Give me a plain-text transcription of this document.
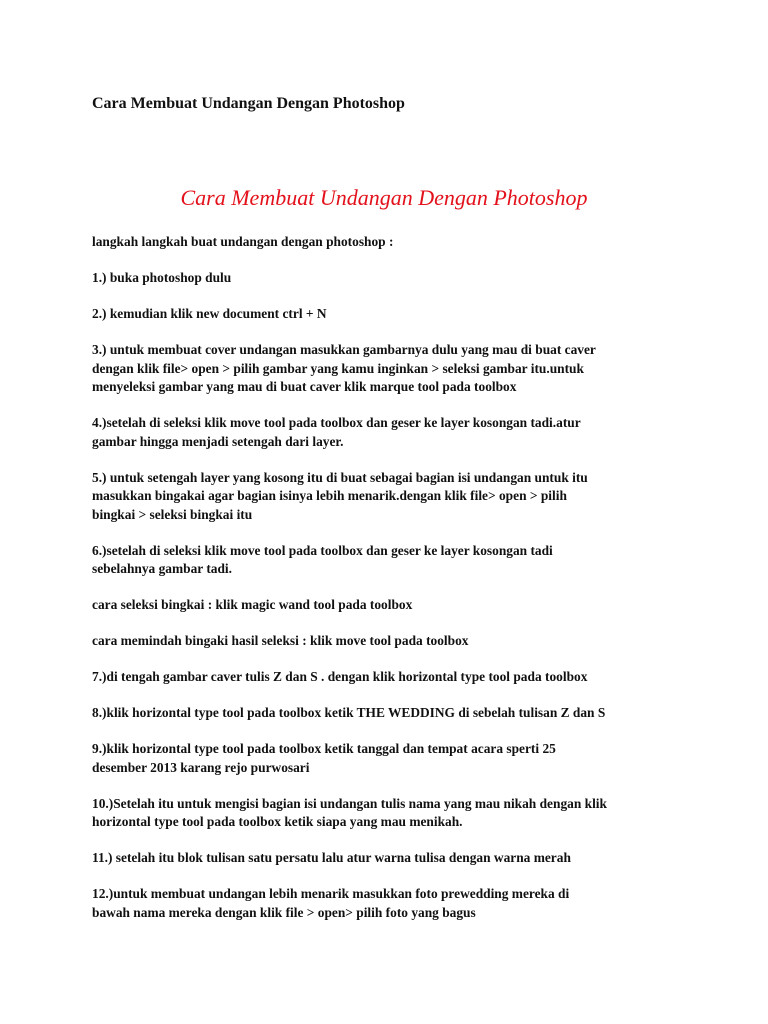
Cara Membuat Undangan Dengan Photoshop

Cara Membuat Undangan Dengan Photoshop

langkah langkah buat undangan dengan photoshop :

1.) buka photoshop dulu

2.) kemudian klik new document ctrl + N

3.) untuk membuat cover undangan masukkan gambarnya dulu yang mau di buat caver
dengan klik file> open > pilih gambar yang kamu inginkan > seleksi gambar itu.untuk
menyeleksi gambar yang mau di buat caver klik marque tool pada toolbox

4.)setelah di seleksi klik move tool pada toolbox dan geser ke layer kosongan tadi.atur
gambar hingga menjadi setengah dari layer.

5.) untuk setengah layer yang kosong itu di buat sebagai bagian isi undangan untuk itu
masukkan bingakai agar bagian isinya lebih menarik.dengan klik file> open > pilih
bingkai > seleksi bingkai itu

6.)setelah di seleksi klik move tool pada toolbox dan geser ke layer kosongan tadi
sebelahnya gambar tadi.

cara seleksi bingkai : klik magic wand tool pada toolbox

cara memindah bingaki hasil seleksi : klik move tool pada toolbox

7.)di tengah gambar caver tulis Z dan S . dengan klik horizontal type tool pada toolbox

8.)klik horizontal type tool pada toolbox ketik THE WEDDING di sebelah tulisan Z dan S

9.)klik horizontal type tool pada toolbox ketik tanggal dan tempat acara sperti 25
desember 2013 karang rejo purwosari

10.)Setelah itu untuk mengisi bagian isi undangan tulis nama yang mau nikah dengan klik
horizontal type tool pada toolbox ketik siapa yang mau menikah.

11.) setelah itu blok tulisan satu persatu lalu atur warna tulisa dengan warna merah

12.)untuk membuat undangan lebih menarik masukkan foto prewedding mereka di
bawah nama mereka dengan klik file > open> pilih foto yang bagus
